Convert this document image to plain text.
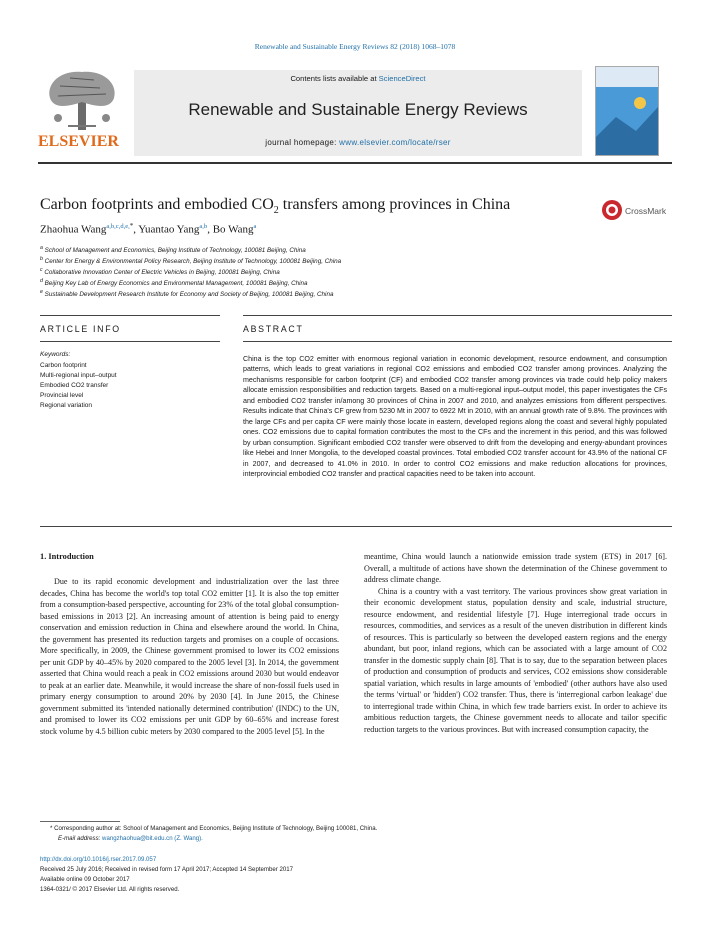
Renewable and Sustainable Energy Reviews 82 (2018) 1068–1078
ELSEVIER
Contents lists available at ScienceDirect
Renewable and Sustainable Energy Reviews
journal homepage: www.elsevier.com/locate/rser
Carbon footprints and embodied $CO_2$ transfers among provinces in China	CrossMark
Zhaohua Wang$^{a,b,c,d,e,*}$, Yuantao Yang$^{a,b}$, Bo Wang$^a$
$^a$ School of Management and Economics, Beijing Institute of Technology, 100081 Beijing, China
$^b$ Center for Energy & Environmental Policy Research, Beijing Institute of Technology, 100081 Beijing, China
$^c$ Collaborative Innovation Center of Electric Vehicles in Beijing, 100081 Beijing, China
$^d$ Beijing Key Lab of Energy Economics and Environmental Management, 100081 Beijing, China
$^e$ Sustainable Development Research Institute for Economy and Society of Beijing, 100081 Beijing, China
ARTICLE INFO	ABSTRACT
Keywords:
Carbon footprint
Multi-regional input–output
Embodied CO2 transfer
Provincial level
Regional variation

China is the top CO2 emitter with enormous regional variation in economic development, resource endowment, and consumption patterns, which leads to great variations in regional CO2 emissions and embodied CO2 transfer among provinces. Analyzing the mechanisms responsible for carbon footprint (CF) and embodied CO2 transfer among provinces via trade could help policy makers allocate emission responsibilities and reduction targets. Based on a multi-regional input–output model, this paper investigates the CFs and embodied CO2 transfer in/among 30 provinces of China in 2007 and 2010, and analyzes emissions from different perspectives. Results indicate that China's CF grew from 5230 Mt in 2007 to 6922 Mt in 2010, with an annual growth rate of 9.8%. The provinces with the large CFs and per capita CF were mainly those locate in eastern, developed regions along the coast and several highly populated ones. CO2 emissions due to capital formation contributes the most to the CFs and the increment in this period, and this was followed by urban consumption. Significant embodied CO2 transfer were observed to drift from the developing and energy-abundant provinces like Hebei and Inner Mongolia, to the developed coastal provinces. Total embodied CO2 transfer account for 43.9% of the national CF in 2007, and decreased to 41.0% in 2010. In order to control CO2 emissions and make reduction allocations for provinces, interprovincial embodied CO2 transfer and practical capacities need to be taken into account.

1. Introduction

Due to its rapid economic development and industrialization over the last three decades, China has become the world's top total CO2 emitter [1]. It is also the top emitter from a consumption-based perspective, accounting for 23% of the total global consumption-based emissions in 2013 [2]. An increasing amount of attention is being paid to energy conservation and emission reduction in China and elsewhere around the world. In China, the government has presented its reduction targets and promises on a couple of occasions. More specifically, in 2009, the Chinese government promised to lower its CO2 emissions per unit GDP by 40–45% by 2020 compared to the 2005 level [3]. In 2014, the government asserted that China would reach a peak in CO2 emissions around 2030 but would endeavor to peak at an earlier date. Meanwhile, it would increase the share of non-fossil fuels used in primary energy consumption to around 20% by 2030 [4]. In June 2015, the Chinese government submitted its 'intended nationally determined contribution' (INDC) to the UN, and promised to lower its CO2 emissions per unit GDP by 60–65% and increase forest stock volume by 4.5 billion cubic meters by 2030 compared to the 2005 level [5]. In the

meantime, China would launch a nationwide emission trade system (ETS) in 2017 [6]. Overall, a multitude of actions have shown the determination of the Chinese government to address climate change.

China is a country with a vast territory. The various provinces show great variation in their economic development status, population density and scale, industrial structure, resource endowment, and residential lifestyle [7]. Huge interregional trade occurs in resources, commodities, and services as a result of the uneven distribution in different kinds of resources. This is particularly so between the developed eastern regions and the energy abundant, but poor, inland regions, which can be associated with a large amount of CO2 transfer in the domestic supply chain [8]. That is to say, due to the separation between places of production and consumption of products and services, CO2 emissions show considerable spatial variation, which results in large amounts of 'embodied' (other authors have also used the terms 'virtual' or 'hidden') CO2 transfer. Thus, there is 'interregional carbon leakage' due to interregional trade within China, in which few trade barriers exist. In order to achieve its ambitious reduction targets, the Chinese government needs to allocate and tailor specific reduction targets to the various provinces. But with increased consumption capacity, the

* Corresponding author at: School of Management and Economics, Beijing Institute of Technology, Beijing 100081, China.
E-mail address: wangzhaohua@bit.edu.cn (Z. Wang).
http://dx.doi.org/10.1016/j.rser.2017.09.057
Received 25 July 2016; Received in revised form 17 April 2017; Accepted 14 September 2017
Available online 09 October 2017
1364-0321/ © 2017 Elsevier Ltd. All rights reserved.
